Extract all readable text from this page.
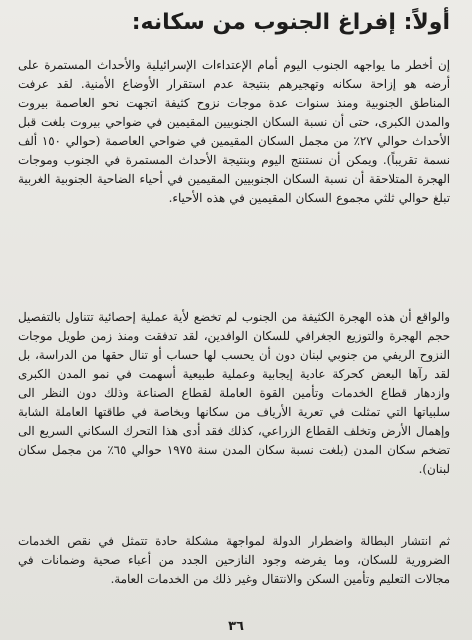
أولاً: إفراغ الجنوب من سكانه:

إن أخطر ما يواجهه الجنوب اليوم أمام الإعتداءات الإسرائيلية والأحداث المستمرة على أرضه هو إزاحة سكانه وتهجيرهم بنتيجة عدم استقرار الأوضاع الأمنية. لقد عرفت المناطق الجنوبية ومنذ سنوات عدة موجات نزوح كثيفة اتجهت نحو العاصمة بيروت والمدن الكبرى، حتى أن نسبة السكان الجنوبيين المقيمين في ضواحي بيروت بلغت قبل الأحداث حوالي ٢٧٪ من مجمل السكان المقيمين في ضواحي العاصمة (حوالي ١٥٠ ألف نسمة تقريباً). ويمكن أن نستنتج اليوم وبنتيجة الأحداث المستمرة في الجنوب وموجات الهجرة المتلاحقة أن نسبة السكان الجنوبيين المقيمين في أحياء الضاحية الجنوبية الغربية تبلغ حوالي ثلثي مجموع السكان المقيمين في هذه الأحياء.

والواقع أن هذه الهجرة الكثيفة من الجنوب لم تخضع لأية عملية إحصائية تتناول بالتفصيل حجم الهجرة والتوزيع الجغرافي للسكان الوافدين، لقد تدفقت ومنذ زمن طويل موجات النزوح الريفي من جنوبي لبنان دون أن يحسب لها حساب أو تنال حقها من الدراسة، بل لقد رآها البعض كحركة عادية إيجابية وعملية طبيعية أسهمت في نمو المدن الكبرى وازدهار قطاع الخدمات وتأمين القوة العاملة لقطاع الصناعة وذلك دون النظر الى سلبياتها التي تمثلت في تعرية الأرياف من سكانها وبخاصة في طاقتها العاملة الشابة وإهمال الأرض وتخلف القطاع الزراعي، كذلك فقد أدى هذا التحرك السكاني السريع الى تضخم سكان المدن (بلغت نسبة سكان المدن سنة ١٩٧٥ حوالي ٦٥٪ من مجمل سكان لبنان).

ثم انتشار البطالة واضطرار الدولة لمواجهة مشكلة حادة تتمثل في نقص الخدمات الضرورية للسكان، وما يفرضه وجود النازحين الجدد من أعباء صحية وضمانات في مجالات التعليم وتأمين السكن والانتقال وغير ذلك من الخدمات العامة.

٣٦
